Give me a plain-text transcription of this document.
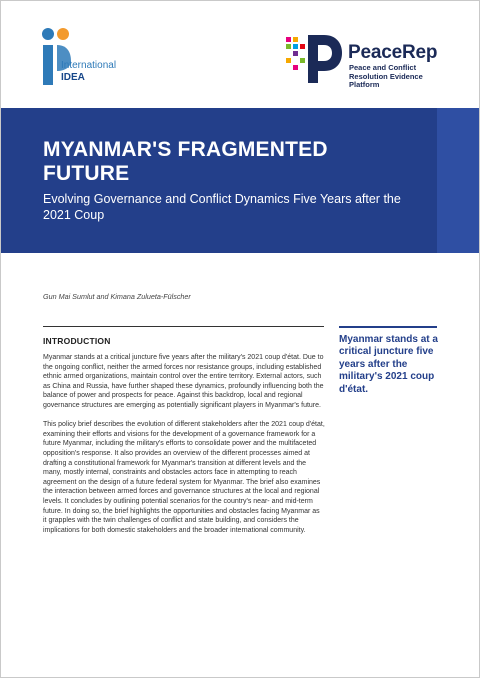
International
IDEA
PeaceRep
Peace and Conflict
Resolution Evidence
Platform
MYANMAR'S FRAGMENTED FUTURE
Evolving Governance and Conflict Dynamics Five Years after the 2021 Coup
Gun Mai Sumlut and Kimana Zulueta-Fülscher
INTRODUCTION

Myanmar stands at a critical juncture five years after the military's 2021 coup d'état. Due to the ongoing conflict, neither the armed forces nor resistance groups, including established ethnic armed organizations, maintain control over the entire territory. External actors, such as China and Russia, have further shaped these dynamics, profoundly influencing both the balance of power and prospects for peace. Against this backdrop, local and regional governance structures are emerging as potentially significant players in Myanmar's future.

This policy brief describes the evolution of different stakeholders after the 2021 coup d'état, examining their efforts and visions for the development of a governance framework for a future Myanmar, including the military's efforts to consolidate power and the multifaceted opposition's response. It also provides an overview of the different processes aimed at drafting a constitutional framework for Myanmar's transition at different levels and the many, mostly internal, constraints and obstacles actors face in attempting to reach agreement on the design of a future federal system for Myanmar. The brief also examines the interaction between armed forces and governance structures at the local and regional levels. It concludes by outlining potential scenarios for the country's near- and mid-term future. In doing so, the brief highlights the opportunities and obstacles facing Myanmar as it grapples with the twin challenges of conflict and state building, and considers the implications for both domestic stakeholders and the broader international community.

Myanmar stands at a critical juncture five years after the military's 2021 coup d'état.
